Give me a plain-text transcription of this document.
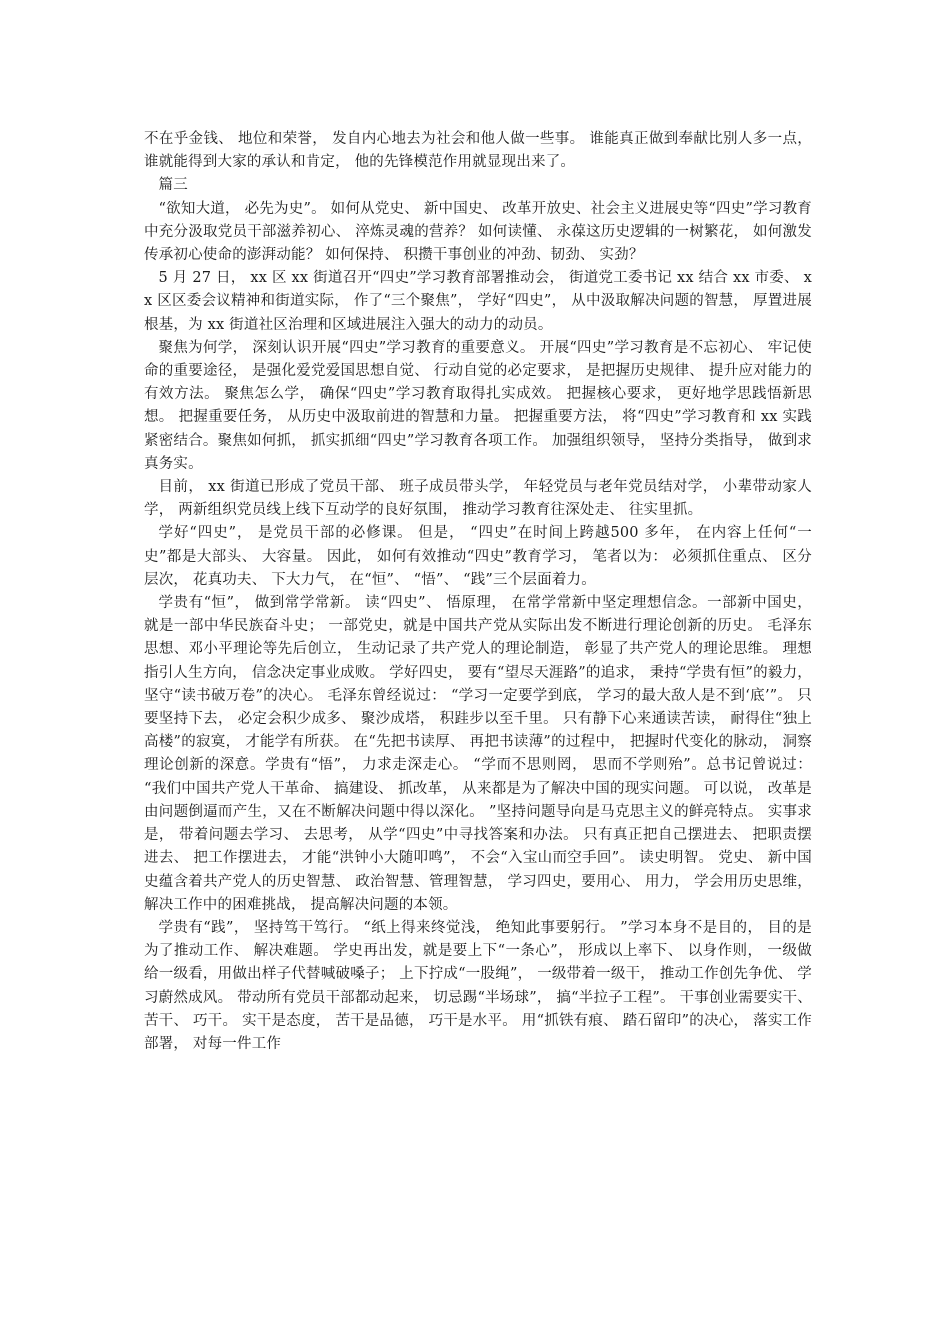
不在乎金钱、 地位和荣誉， 发自内心地去为社会和他人做一些事。 谁能真正做到奉献比别人多一点， 谁就能得到大家的承认和肯定， 他的先锋模范作用就显现出来了。

篇三

“欲知大道， 必先为史”。 如何从党史、 新中国史、 改革开放史、社会主义进展史等“四史”学习教育中充分汲取党员干部滋养初心、 淬炼灵魂的营养？ 如何读懂、 永葆这历史逻辑的一树繁花， 如何激发传承初心使命的澎湃动能？ 如何保持、 积攒干事创业的冲劲、韧劲、 实劲？

5 月 27 日， xx 区 xx 街道召开“四史”学习教育部署推动会， 街道党工委书记 xx 结合 xx 市委、 xx 区区委会议精神和街道实际， 作了“三个聚焦”， 学好“四史”， 从中汲取解决问题的智慧， 厚置进展根基，为 xx 街道社区治理和区域进展注入强大的动力的动员。

聚焦为何学， 深刻认识开展“四史”学习教育的重要意义。 开展“四史”学习教育是不忘初心、 牢记使命的重要途径， 是强化爱党爱国思想自觉、 行动自觉的必定要求， 是把握历史规律、 提升应对能力的有效方法。 聚焦怎么学， 确保“四史”学习教育取得扎实成效。 把握核心要求， 更好地学思践悟新思想。 把握重要任务， 从历史中汲取前进的智慧和力量。 把握重要方法， 将“四史”学习教育和 xx 实践紧密结合。聚焦如何抓， 抓实抓细“四史”学习教育各项工作。 加强组织领导， 坚持分类指导， 做到求真务实。

目前， xx 街道已形成了党员干部、 班子成员带头学， 年轻党员与老年党员结对学， 小辈带动家人学， 两新组织党员线上线下互动学的良好氛围， 推动学习教育往深处走、 往实里抓。

学好“四史”， 是党员干部的必修课。 但是， “四史”在时间上跨越500 多年， 在内容上任何“一史”都是大部头、 大容量。 因此， 如何有效推动“四史”教育学习， 笔者以为： 必须抓住重点、 区分层次， 花真功夫、 下大力气， 在“恒”、 “悟”、 “践”三个层面着力。

学贵有“恒”， 做到常学常新。 读“四史”、 悟原理， 在常学常新中坚定理想信念。一部新中国史， 就是一部中华民族奋斗史； 一部党史，就是中国共产党从实际出发不断进行理论创新的历史。 毛泽东思想、邓小平理论等先后创立， 生动记录了共产党人的理论制造， 彰显了共产党人的理论思维。 理想指引人生方向， 信念决定事业成败。 学好四史， 要有“望尽天涯路”的追求， 秉持“学贵有恒”的毅力， 坚守“读书破万卷”的决心。 毛泽东曾经说过： “学习一定要学到底， 学习的最大敌人是不到‘底’”。 只要坚持下去， 必定会积少成多、 聚沙成塔， 积跬步以至千里。 只有静下心来通读苦读， 耐得住“独上高楼”的寂寞， 才能学有所获。 在“先把书读厚、 再把书读薄”的过程中， 把握时代变化的脉动， 洞察理论创新的深意。学贵有“悟”， 力求走深走心。 “学而不思则罔， 思而不学则殆”。总书记曾说过： “我们中国共产党人干革命、 搞建设、 抓改革， 从来都是为了解决中国的现实问题。 可以说， 改革是由问题倒逼而产生，又在不断解决问题中得以深化。 ”坚持问题导向是马克思主义的鲜亮特点。 实事求是， 带着问题去学习、 去思考， 从学“四史”中寻找答案和办法。 只有真正把自己摆进去、 把职责摆进去、 把工作摆进去， 才能“洪钟小大随叩鸣”， 不会“入宝山而空手回”。 读史明智。 党史、 新中国史蕴含着共产党人的历史智慧、 政治智慧、管理智慧， 学习四史，要用心、 用力， 学会用历史思维， 解决工作中的困难挑战， 提高解决问题的本领。

学贵有“践”， 坚持笃干笃行。 “纸上得来终觉浅， 绝知此事要躬行。 ”学习本身不是目的， 目的是为了推动工作、 解决难题。 学史再出发，就是要上下“一条心”， 形成以上率下、 以身作则， 一级做给一级看，用做出样子代替喊破嗓子； 上下拧成“一股绳”， 一级带着一级干， 推动工作创先争优、 学习蔚然成风。 带动所有党员干部都动起来， 切忌踢“半场球”， 搞“半拉子工程”。 干事创业需要实干、 苦干、 巧干。 实干是态度， 苦干是品德， 巧干是水平。 用“抓铁有痕、 踏石留印”的决心， 落实工作部署， 对每一件工作
